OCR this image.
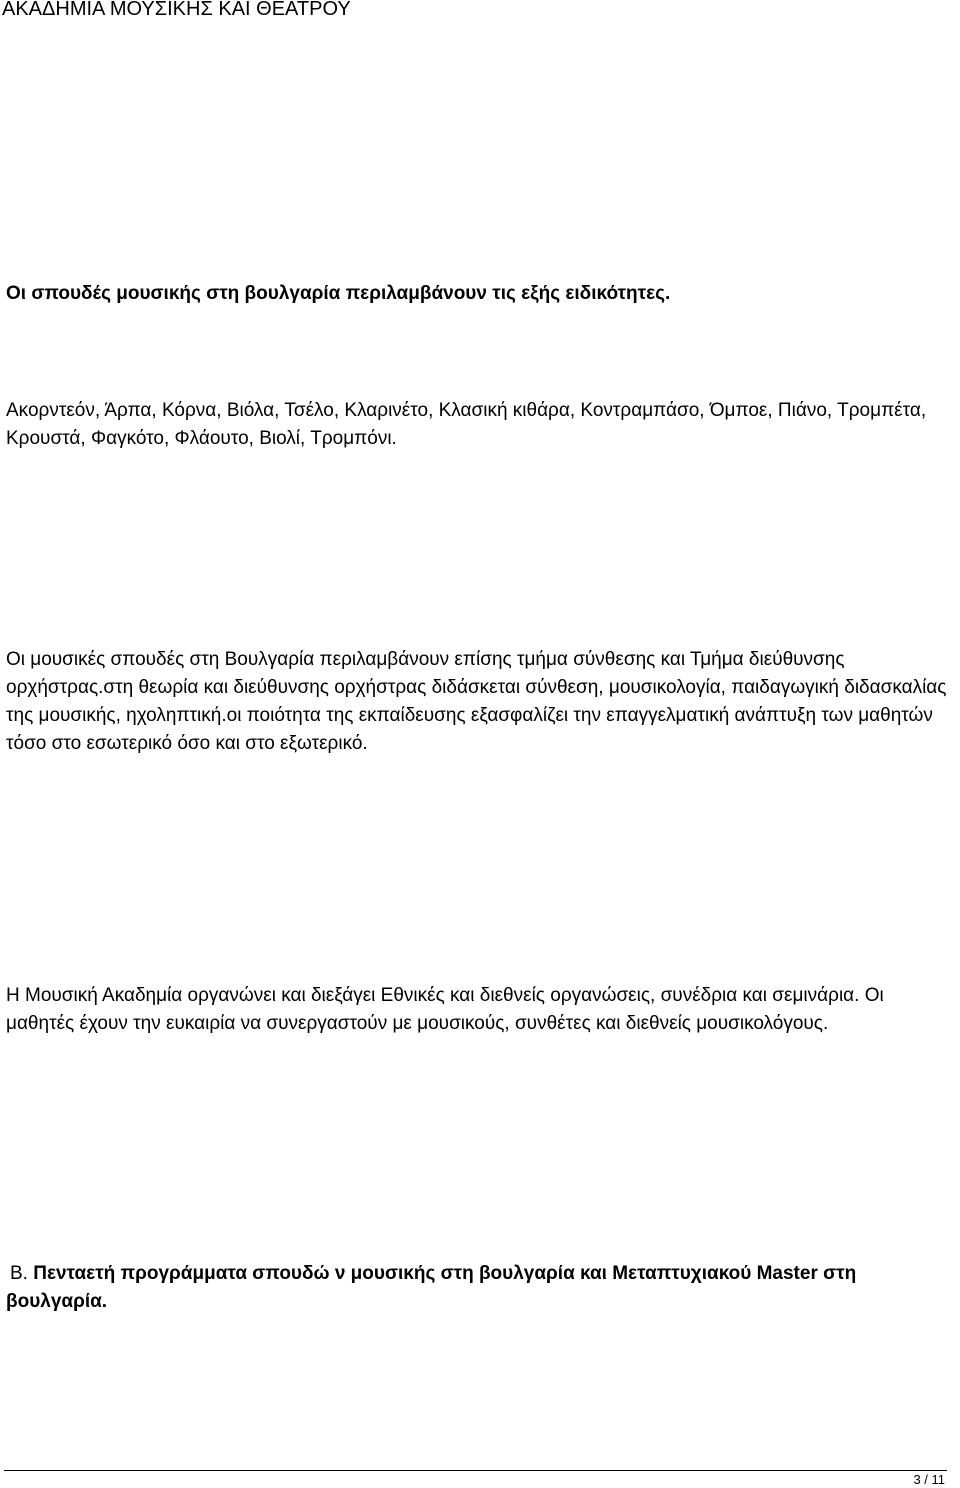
ΑΚΑΔΗΜΙΑ ΜΟΥΣΙΚΗΣ ΚΑΙ ΘΕΑΤΡΟΥ
Οι σπουδές μουσικής στη βουλγαρία περιλαμβάνουν τις εξής ειδικότητες.
Ακορντεόν, Άρπα, Κόρνα, Βιόλα, Τσέλο, Κλαρινέτο, Κλασική κιθάρα, Κοντραμπάσο, Όμποε, Πιάνο, Τρομπέτα, Κρουστά, Φαγκότο, Φλάουτο, Βιολί, Τρομπόνι.
Οι μουσικές σπουδές στη Βουλγαρία περιλαμβάνουν επίσης τμήμα σύνθεσης και Τμήμα διεύθυνσης ορχήστρας.στη θεωρία και διεύθυνσης ορχήστρας διδάσκεται σύνθεση, μουσικολογία, παιδαγωγική διδασκαλίας της μουσικής, ηχοληπτική.οι ποιότητα της εκπαίδευσης εξασφαλίζει την επαγγελματική ανάπτυξη των μαθητών τόσο στο εσωτερικό όσο και στο εξωτερικό.
Η Μουσική Ακαδημία οργανώνει και διεξάγει Εθνικές και διεθνείς οργανώσεις, συνέδρια και σεμινάρια. Οι μαθητές έχουν την ευκαιρία να συνεργαστούν με μουσικούς, συνθέτες και διεθνείς μουσικολόγους.
Β. Πενταετή προγράμματα σπουδώ ν μουσικής στη βουλγαρία και Μεταπτυχιακού Master στη βουλγαρία.
3 / 11
